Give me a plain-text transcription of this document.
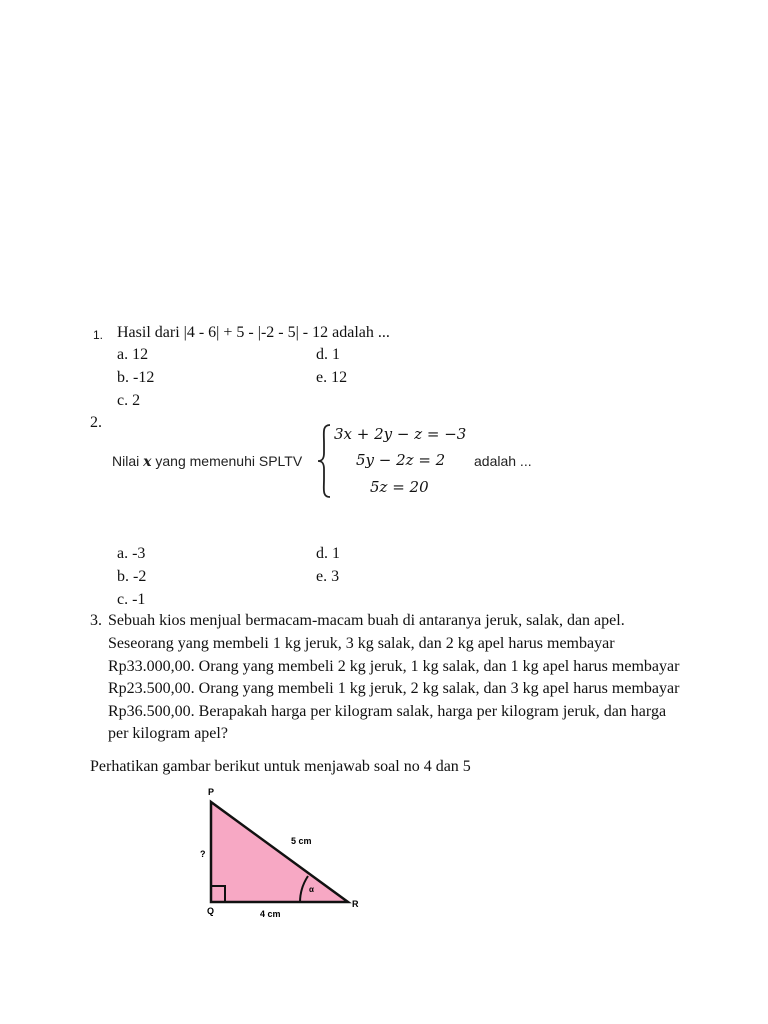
1. Hasil dari |4 - 6| + 5 - |-2 - 5| - 12 adalah ...
a. 12
b. -12
c. 2
d. 1
e. 12
2.
Nilai x yang memenuhi SPLTV
3x + 2y − z = −3
5y − 2z = 2
5z = 20
adalah ...
a. -3
b. -2
c. -1
d. 1
e. 3
3. Sebuah kios menjual bermacam-macam buah di antaranya jeruk, salak, dan apel.
Seseorang yang membeli 1 kg jeruk, 3 kg salak, dan 2 kg apel harus membayar Rp33.000,00. Orang yang membeli 2 kg jeruk, 1 kg salak, dan 1 kg apel harus membayar Rp23.500,00. Orang yang membeli 1 kg jeruk, 2 kg salak, dan 3 kg apel harus membayar Rp36.500,00. Berapakah harga per kilogram salak, harga per kilogram jeruk, dan harga per kilogram apel?
Perhatikan gambar berikut untuk menjawab soal no 4 dan 5
P
Q
R
5 cm
4 cm
?
α
